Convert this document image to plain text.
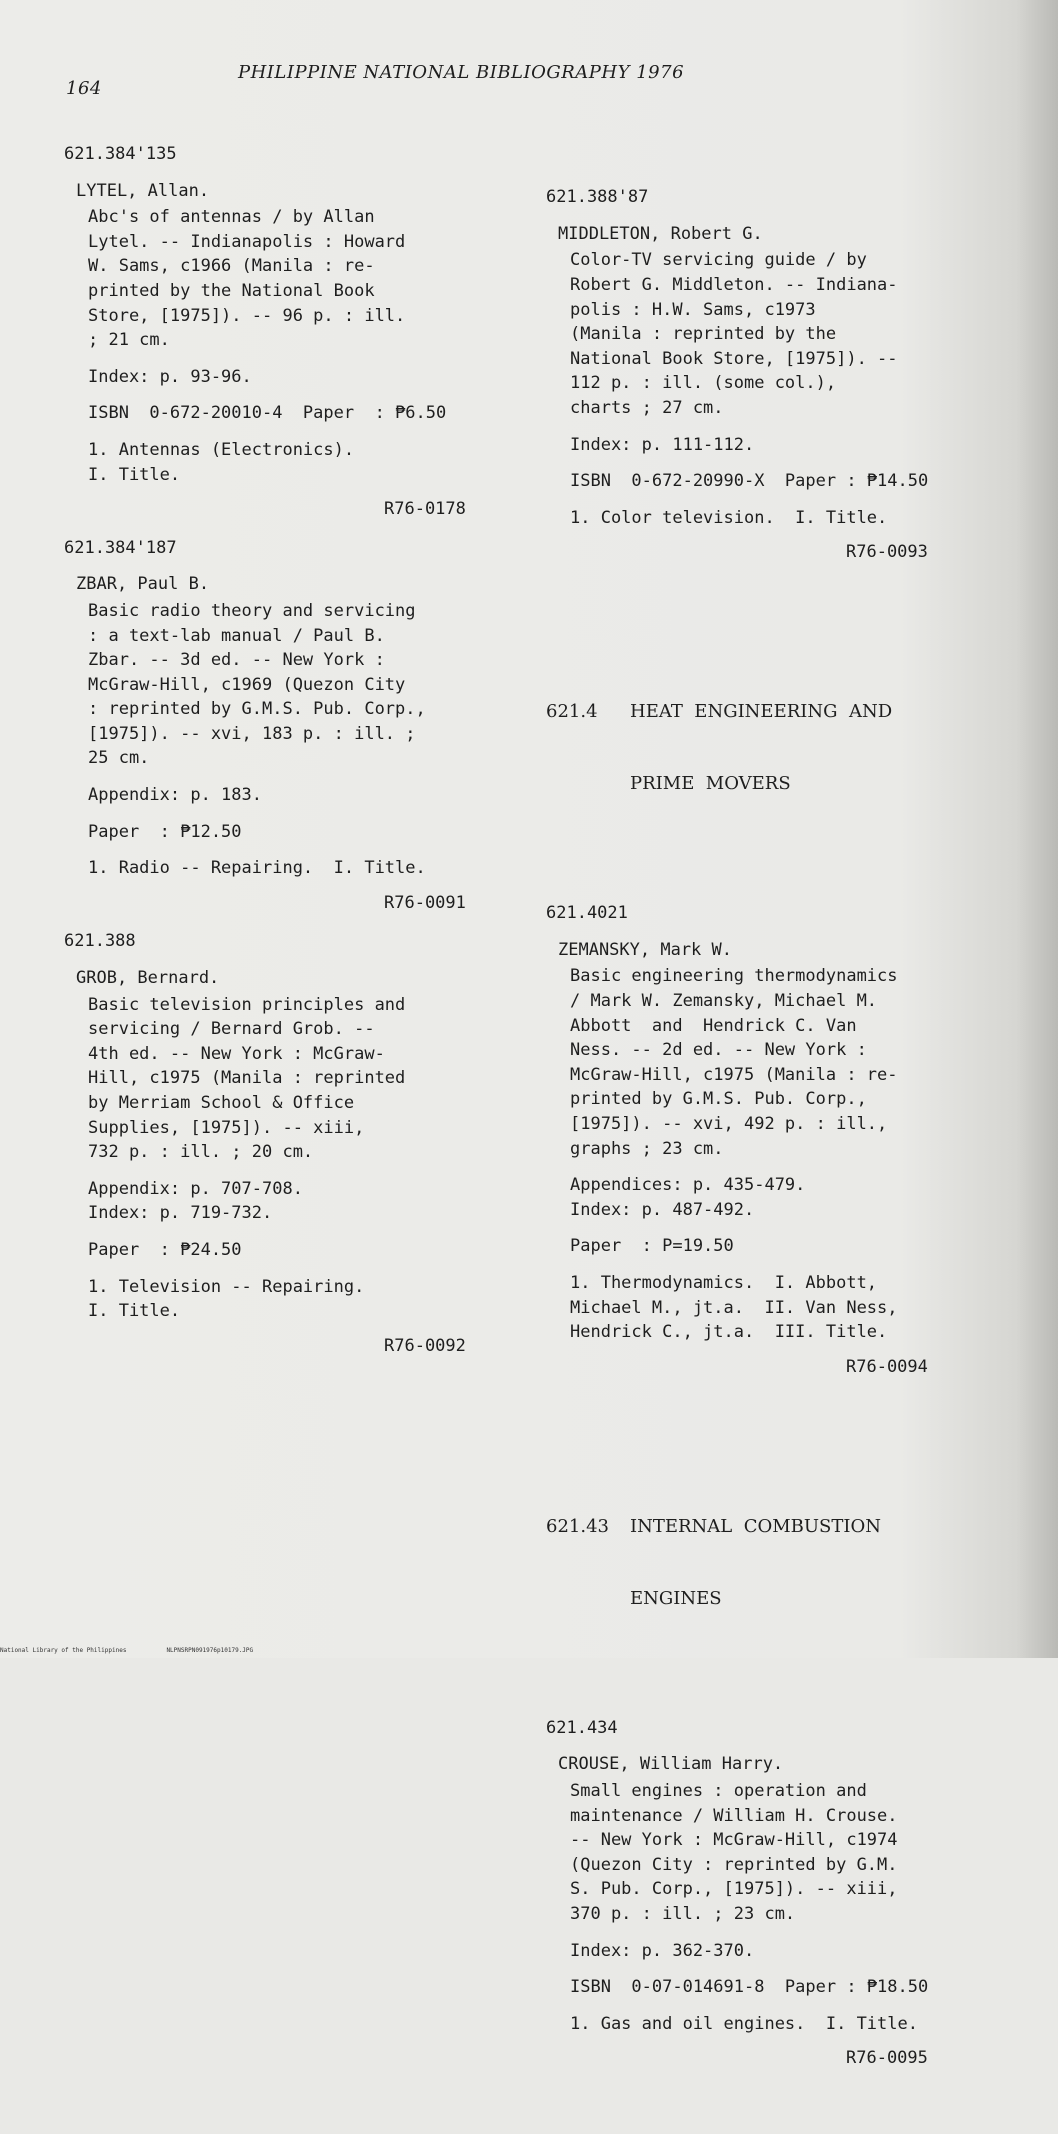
164
PHILIPPINE NATIONAL BIBLIOGRAPHY 1976
621.384'135
LYTEL, Allan.
Abc's of antennas / by Allan
Lytel. -- Indianapolis : Howard
W. Sams, c1966 (Manila : re-
printed by the National Book
Store, [1975]). -- 96 p. : ill.
; 21 cm.
Index: p. 93-96.
ISBN  0-672-20010-4  Paper  : ₱6.50
1. Antennas (Electronics).
I. Title.
R76-0178
621.384'187
ZBAR, Paul B.
Basic radio theory and servicing
: a text-lab manual / Paul B.
Zbar. -- 3d ed. -- New York :
McGraw-Hill, c1969 (Quezon City
: reprinted by G.M.S. Pub. Corp.,
[1975]). -- xvi, 183 p. : ill. ;
25 cm.
Appendix: p. 183.
Paper  : ₱12.50
1. Radio -- Repairing.  I. Title.
R76-0091
621.388
GROB, Bernard.
Basic television principles and
servicing / Bernard Grob. --
4th ed. -- New York : McGraw-
Hill, c1975 (Manila : reprinted
by Merriam School & Office
Supplies, [1975]). -- xiii,
732 p. : ill. ; 20 cm.
Appendix: p. 707-708.
Index: p. 719-732.
Paper  : ₱24.50
1. Television -- Repairing.
I. Title.
R76-0092

621.388'87
MIDDLETON, Robert G.
Color-TV servicing guide / by
Robert G. Middleton. -- Indiana-
polis : H.W. Sams, c1973
(Manila : reprinted by the
National Book Store, [1975]). --
112 p. : ill. (some col.),
charts ; 27 cm.
Index: p. 111-112.
ISBN  0-672-20990-X  Paper : ₱14.50
1. Color television.  I. Title.
R76-0093

621.4 HEAT  ENGINEERING  AND

PRIME  MOVERS

621.4021
ZEMANSKY, Mark W.
Basic engineering thermodynamics
/ Mark W. Zemansky, Michael M.
Abbott  and  Hendrick C. Van
Ness. -- 2d ed. -- New York :
McGraw-Hill, c1975 (Manila : re-
printed by G.M.S. Pub. Corp.,
[1975]). -- xvi, 492 p. : ill.,
graphs ; 23 cm.
Appendices: p. 435-479.
Index: p. 487-492.
Paper  : P=19.50
1. Thermodynamics.  I. Abbott,
Michael M., jt.a.  II. Van Ness,
Hendrick C., jt.a.  III. Title.
R76-0094

621.43 INTERNAL  COMBUSTION

ENGINES

621.434
CROUSE, William Harry.
Small engines : operation and
maintenance / William H. Crouse.
-- New York : McGraw-Hill, c1974
(Quezon City : reprinted by G.M.
S. Pub. Corp., [1975]). -- xiii,
370 p. : ill. ; 23 cm.
Index: p. 362-370.
ISBN  0-07-014691-8  Paper : ₱18.50
1. Gas and oil engines.  I. Title.
R76-0095

National Library of the Philippines	NLPNSRPN091976p10179.JPG
